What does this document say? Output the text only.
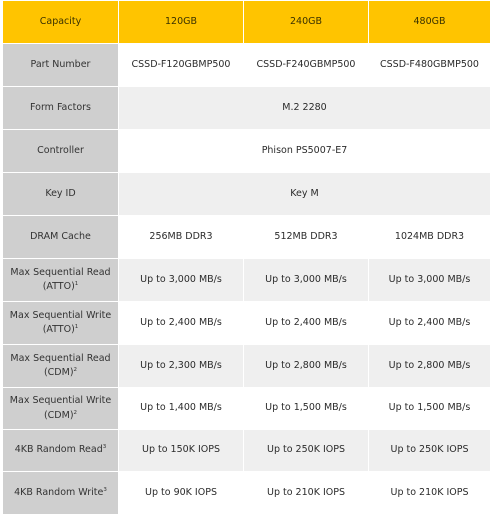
Capacity	120GB	240GB	480GB
Part Number	CSSD-F120GBMP500	CSSD-F240GBMP500	CSSD-F480GBMP500
Form Factors	M.2 2280		
Controller	Phison PS5007-E7		
Key ID	Key M		
DRAM Cache	256MB DDR3	512MB DDR3	1024MB DDR3
Max Sequential Read
(ATTO)$^1$	Up to 3,000 MB/s	Up to 3,000 MB/s	Up to 3,000 MB/s
Max Sequential Write
(ATTO)$^1$	Up to 2,400 MB/s	Up to 2,400 MB/s	Up to 2,400 MB/s
Max Sequential Read
(CDM)$^2$	Up to 2,300 MB/s	Up to 2,800 MB/s	Up to 2,800 MB/s
Max Sequential Write
(CDM)$^2$	Up to 1,400 MB/s	Up to 1,500 MB/s	Up to 1,500 MB/s
4KB Random Read$^3$	Up to 150K IOPS	Up to 250K IOPS	Up to 250K IOPS
4KB Random Write$^3$	Up to 90K IOPS	Up to 210K IOPS	Up to 210K IOPS
